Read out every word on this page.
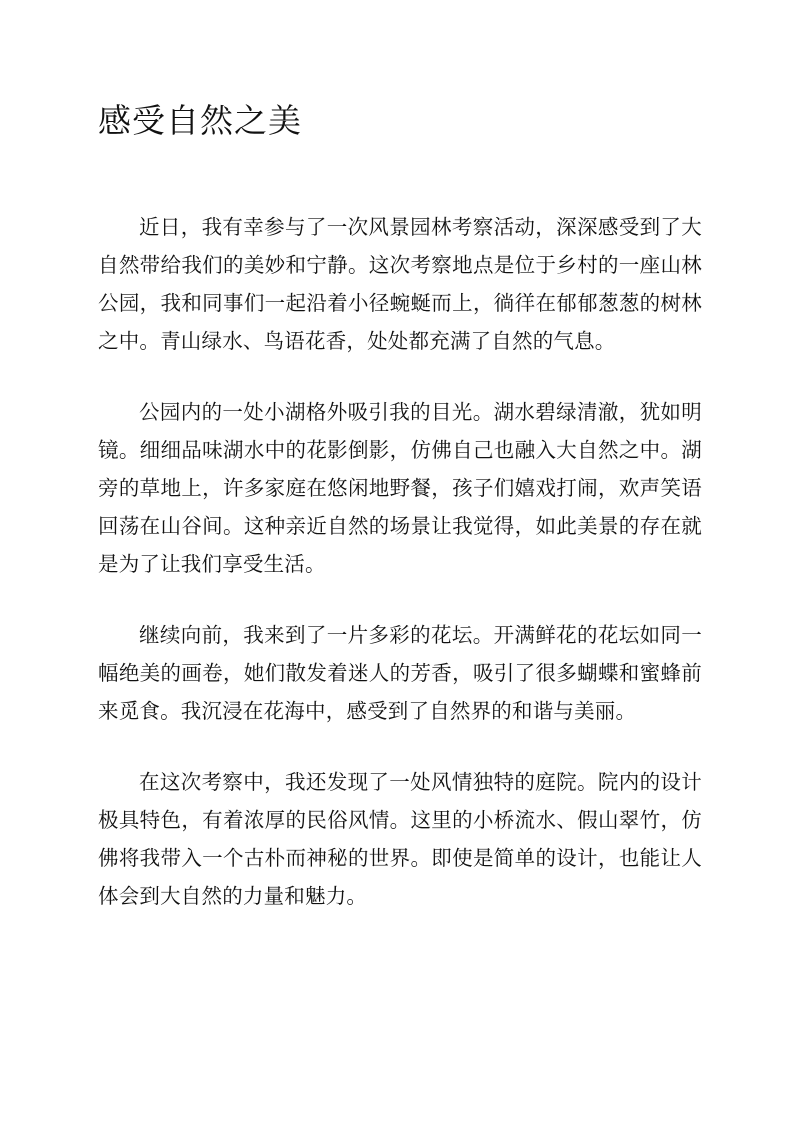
感受自然之美

近日，我有幸参与了一次风景园林考察活动，深深感受到了大自然带给我们的美妙和宁静。这次考察地点是位于乡村的一座山林公园，我和同事们一起沿着小径蜿蜒而上，徜徉在郁郁葱葱的树林之中。青山绿水、鸟语花香，处处都充满了自然的气息。

公园内的一处小湖格外吸引我的目光。湖水碧绿清澈，犹如明镜。细细品味湖水中的花影倒影，仿佛自己也融入大自然之中。湖旁的草地上，许多家庭在悠闲地野餐，孩子们嬉戏打闹，欢声笑语回荡在山谷间。这种亲近自然的场景让我觉得，如此美景的存在就是为了让我们享受生活。

继续向前，我来到了一片多彩的花坛。开满鲜花的花坛如同一幅绝美的画卷，她们散发着迷人的芳香，吸引了很多蝴蝶和蜜蜂前来觅食。我沉浸在花海中，感受到了自然界的和谐与美丽。

在这次考察中，我还发现了一处风情独特的庭院。院内的设计极具特色，有着浓厚的民俗风情。这里的小桥流水、假山翠竹，仿佛将我带入一个古朴而神秘的世界。即使是简单的设计，也能让人体会到大自然的力量和魅力。
